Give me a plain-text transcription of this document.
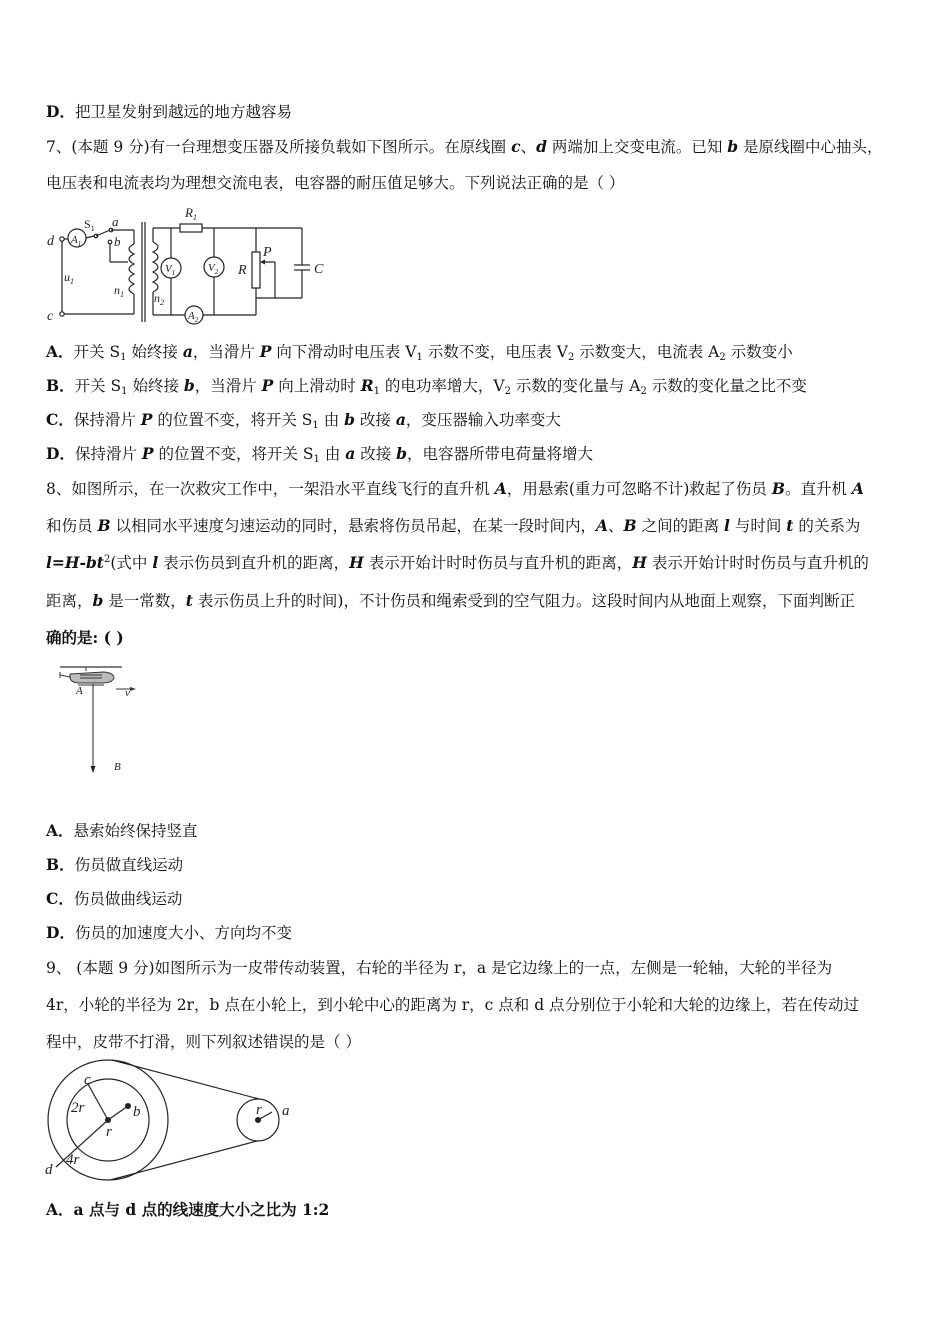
D．把卫星发射到越远的地方越容易
7、(本题 9 分)有一台理想变压器及所接负载如下图所示。在原线圈 c、d 两端加上交变电流。已知 b 是原线圈中心抽头，
电压表和电流表均为理想交流电表，电容器的耐压值足够大。下列说法正确的是（ ）
d $A_1$
$S_1$ a
b
$u_1$
$n_1$
c
$n_2$
$V_1$	$V_2$
$A_2$
$R_1$
R
P
C
A．开关 $S_1$ 始终接 a，当滑片 P 向下滑动时电压表 $V_1$ 示数不变，电压表 $V_2$ 示数变大，电流表 $A_2$ 示数变小
B．开关 $S_1$ 始终接 b，当滑片 P 向上滑动时 $R_1$ 的电功率增大，$V_2$ 示数的变化量与 $A_2$ 示数的变化量之比不变
C．保持滑片 P 的位置不变，将开关 $S_1$ 由 b 改接 a，变压器输入功率变大
D．保持滑片 P 的位置不变，将开关 $S_1$ 由 a 改接 b，电容器所带电荷量将增大
8、如图所示，在一次救灾工作中，一架沿水平直线飞行的直升机 A，用悬索(重力可忽略不计)救起了伤员 B。直升机 A
和伤员 B 以相同水平速度匀速运动的同时，悬索将伤员吊起，在某一段时间内，A、B 之间的距离 l 与时间 t 的关系为
$l=H-bt^2$(式中 l 表示伤员到直升机的距离，H 表示开始计时时伤员与直升机的距离，H 表示开始计时时伤员与直升机的
距离，b 是一常数，t 表示伤员上升的时间)，不计伤员和绳索受到的空气阻力。这段时间内从地面上观察，下面判断正
确的是: ( )
A	v
B
A．悬索始终保持竖直
B．伤员做直线运动
C．伤员做曲线运动
D．伤员的加速度大小、方向均不变
9、 (本题 9 分)如图所示为一皮带传动装置，右轮的半径为 r，a 是它边缘上的一点，左侧是一轮轴，大轮的半径为
4r，小轮的半径为 2r，b 点在小轮上，到小轮中心的距离为 r，c 点和 d 点分别位于小轮和大轮的边缘上，若在传动过
程中，皮带不打滑，则下列叙述错误的是（ ）
c
2r	b
r
d
4r
r a
A．a 点与 d 点的线速度大小之比为 1:2
